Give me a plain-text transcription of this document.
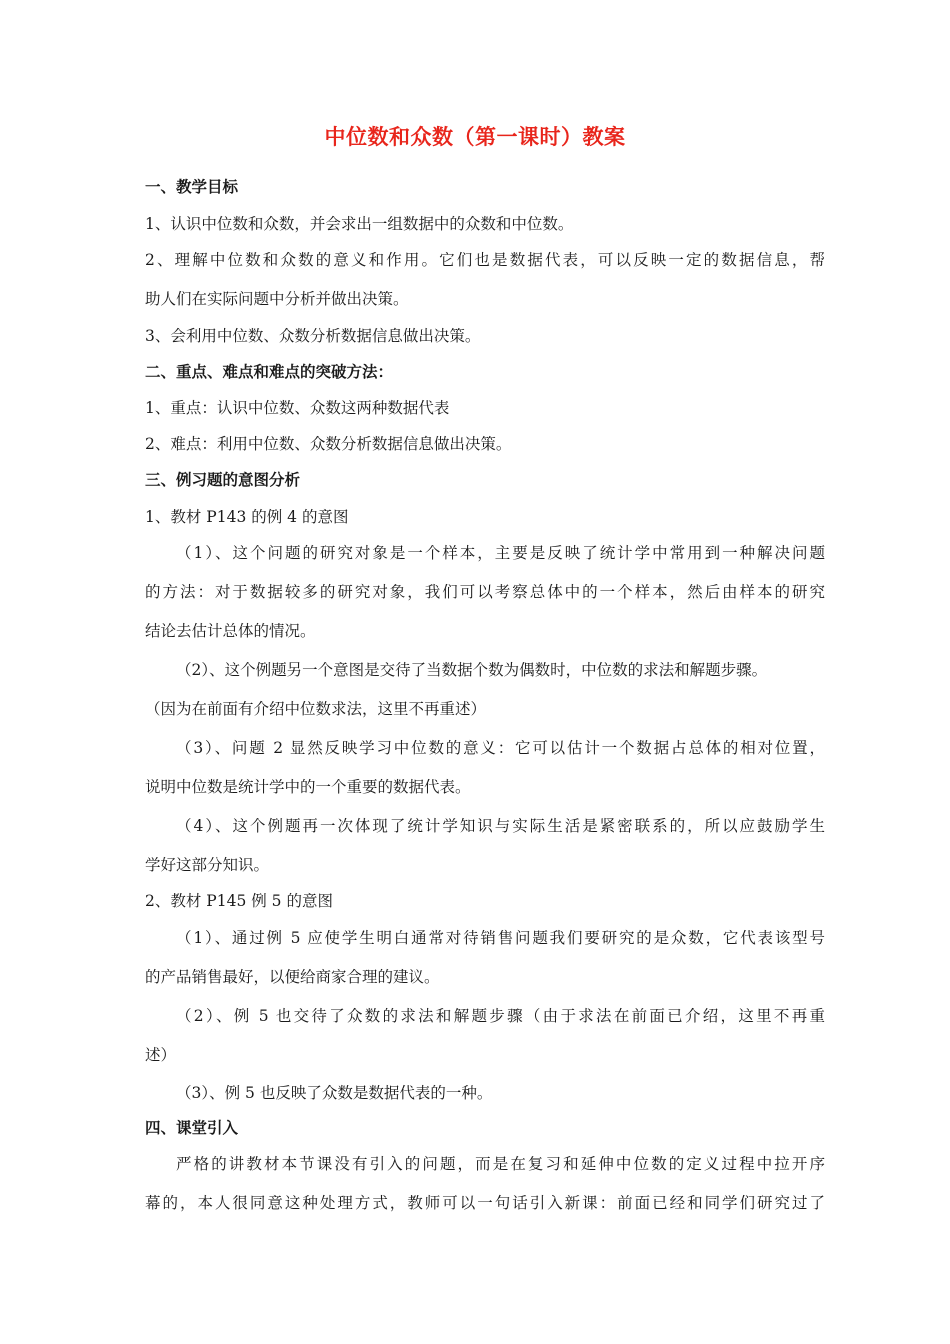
中位数和众数（第一课时）教案
一、教学目标
1、认识中位数和众数，并会求出一组数据中的众数和中位数。
2、理解中位数和众数的意义和作用。它们也是数据代表，可以反映一定的数据信息，帮
助人们在实际问题中分析并做出决策。
3、会利用中位数、众数分析数据信息做出决策。
二、重点、难点和难点的突破方法：
1、重点：认识中位数、众数这两种数据代表
2、难点：利用中位数、众数分析数据信息做出决策。
三、例习题的意图分析
1、教材 P143 的例 4 的意图
（1）、这个问题的研究对象是一个样本，主要是反映了统计学中常用到一种解决问题
的方法：对于数据较多的研究对象，我们可以考察总体中的一个样本，然后由样本的研究
结论去估计总体的情况。
（2）、这个例题另一个意图是交待了当数据个数为偶数时，中位数的求法和解题步骤。
（因为在前面有介绍中位数求法，这里不再重述）
（3）、问题 2 显然反映学习中位数的意义：它可以估计一个数据占总体的相对位置，
说明中位数是统计学中的一个重要的数据代表。
（4）、这个例题再一次体现了统计学知识与实际生活是紧密联系的，所以应鼓励学生
学好这部分知识。
2、教材 P145 例 5 的意图
（1）、通过例 5 应使学生明白通常对待销售问题我们要研究的是众数，它代表该型号
的产品销售最好，以便给商家合理的建议。
（2）、例 5 也交待了众数的求法和解题步骤（由于求法在前面已介绍，这里不再重
述）
（3）、例 5 也反映了众数是数据代表的一种。
四、课堂引入
严格的讲教材本节课没有引入的问题，而是在复习和延伸中位数的定义过程中拉开序
幕的，本人很同意这种处理方式，教师可以一句话引入新课：前面已经和同学们研究过了
